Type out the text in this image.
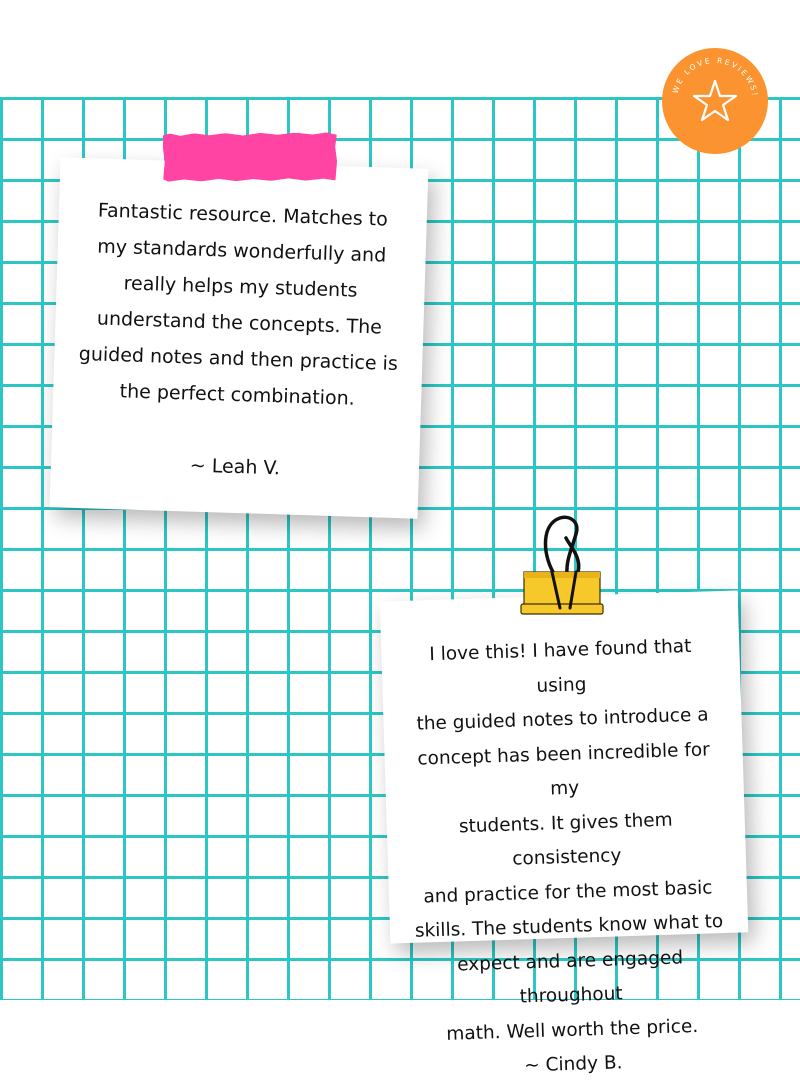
WE LOVE REVIEWS!
Fantastic resource. Matches to
my standards wonderfully and
really helps my students
understand the concepts. The
guided notes and then practice is
the perfect combination.
~ Leah V.
I love this! I have found that using
the guided notes to introduce a
concept has been incredible for my
students. It gives them consistency
and practice for the most basic
skills. The students know what to
expect and are engaged throughout
math. Well worth the price.
~ Cindy B.
